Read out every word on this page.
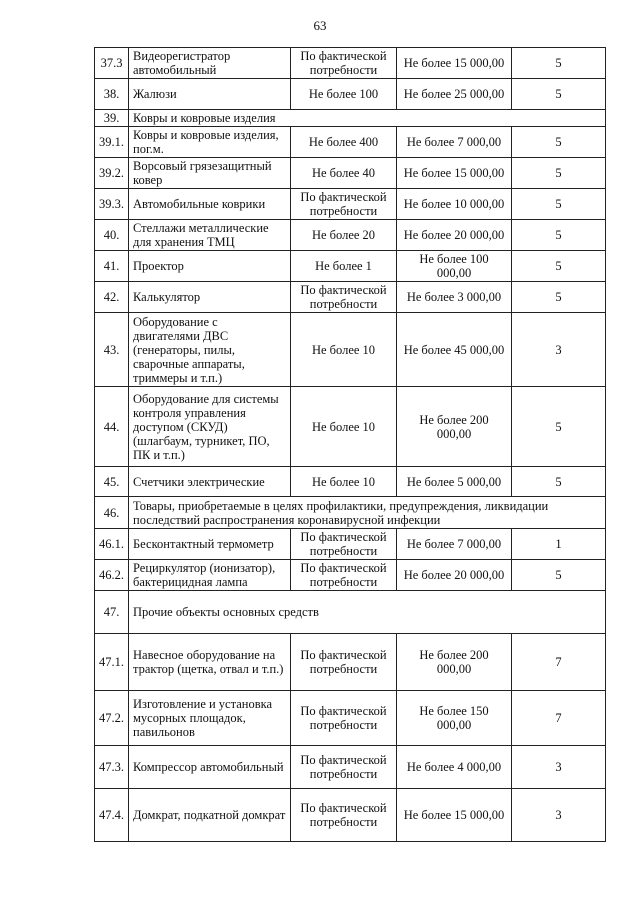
63
37.3	Видеорегистратор автомобильный	По фактической потребности	Не более 15 000,00	5
38.	Жалюзи	Не более 100	Не более 25 000,00	5
39.	Ковры и ковровые изделия			
39.1.	Ковры и ковровые изделия, пог.м.	Не более 400	Не более 7 000,00	5
39.2.	Ворсовый грязезащитный ковер	Не более 40	Не более 15 000,00	5
39.3.	Автомобильные коврики	По фактической потребности	Не более 10 000,00	5
40.	Стеллажи металлические для хранения ТМЦ	Не более 20	Не более 20 000,00	5
41.	Проектор	Не более 1	Не более 100 000,00	5
42.	Калькулятор	По фактической потребности	Не более 3 000,00	5
43.	Оборудование с двигателями ДВС (генераторы, пилы, сварочные аппараты, триммеры и т.п.)	Не более 10	Не более 45 000,00	3
44.	Оборудование для системы контроля управления доступом (СКУД) (шлагбаум, турникет, ПО, ПК и т.п.)	Не более 10	Не более 200 000,00	5
45.	Счетчики электрические	Не более 10	Не более 5 000,00	5
46.	Товары, приобретаемые в целях профилактики, предупреждения, ликвидации последствий распространения коронавирусной инфекции			
46.1.	Бесконтактный термометр	По фактической потребности	Не более 7 000,00	1
46.2.	Рециркулятор (ионизатор), бактерицидная лампа	По фактической потребности	Не более 20 000,00	5
47.	Прочие объекты основных средств			
47.1.	Навесное оборудование на трактор (щетка, отвал и т.п.)	По фактической потребности	Не более 200 000,00	7
47.2.	Изготовление и установка мусорных площадок, павильонов	По фактической потребности	Не более 150 000,00	7
47.3.	Компрессор автомобильный	По фактической потребности	Не более 4 000,00	3
47.4.	Домкрат, подкатной домкрат	По фактической потребности	Не более 15 000,00	3
